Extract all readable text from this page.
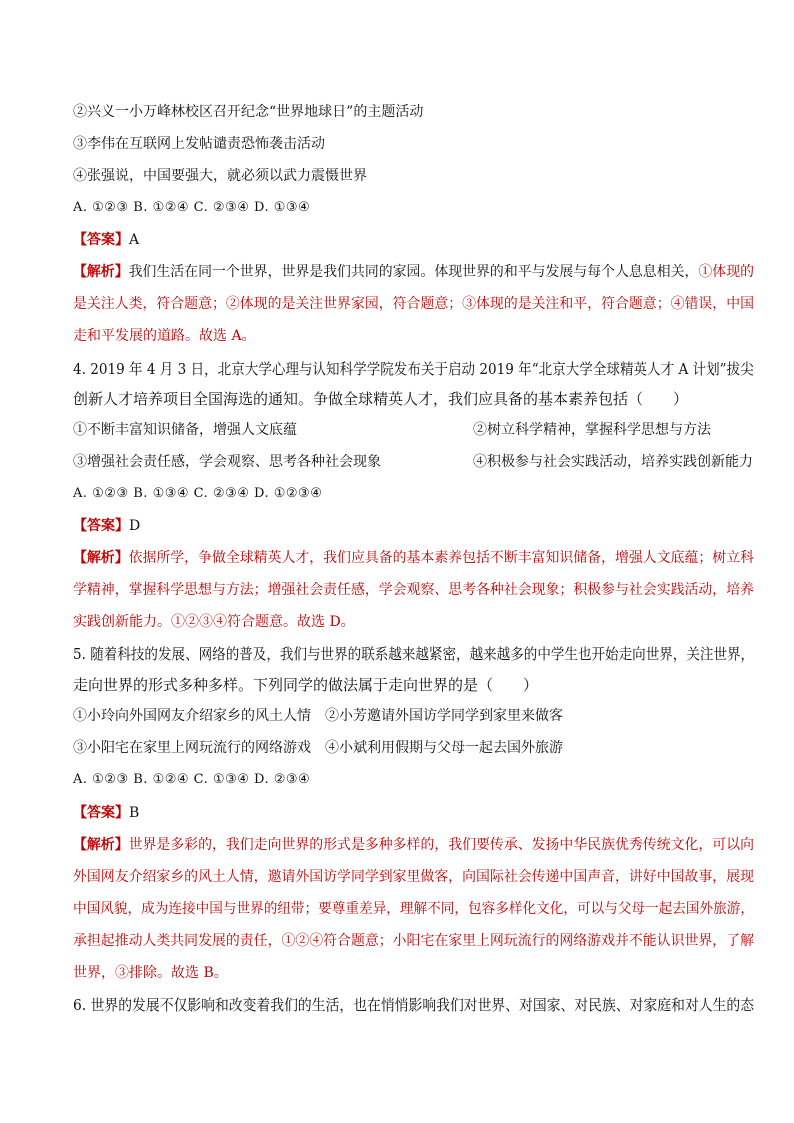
②兴义一小万峰林校区召开纪念“世界地球日”的主题活动
③李伟在互联网上发帖谴责恐怖袭击活动
④张强说，中国要强大，就必须以武力震慑世界
A. ①②③ B. ①②④ C. ②③④ D. ①③④
【答案】A
【解析】我们生活在同一个世界，世界是我们共同的家园。体现世界的和平与发展与每个人息息相关，①体现的
是关注人类，符合题意；②体现的是关注世界家园，符合题意；③体现的是关注和平，符合题意；④错误，中国
走和平发展的道路。故选 A。
4. 2019 年 4 月 3 日，北京大学心理与认知科学学院发布关于启动 2019 年“北京大学全球精英人才 A 计划”拔尖
创新人才培养项目全国海选的通知。争做全球精英人才，我们应具备的基本素养包括（　　）
①不断丰富知识储备，增强人文底蕴	②树立科学精神，掌握科学思想与方法
③增强社会责任感，学会观察、思考各种社会现象	④积极参与社会实践活动，培养实践创新能力
A. ①②③ B. ①③④ C. ②③④ D. ①②③④
【答案】D
【解析】依据所学，争做全球精英人才，我们应具备的基本素养包括不断丰富知识储备，增强人文底蕴；树立科
学精神，掌握科学思想与方法；增强社会责任感，学会观察、思考各种社会现象；积极参与社会实践活动，培养
实践创新能力。①②③④符合题意。故选 D。
5. 随着科技的发展、网络的普及，我们与世界的联系越来越紧密，越来越多的中学生也开始走向世界，关注世界，
走向世界的形式多种多样。下列同学的做法属于走向世界的是（　　）
①小玲向外国网友介绍家乡的风土人情　②小芳邀请外国访学同学到家里来做客
③小阳宅在家里上网玩流行的网络游戏　④小斌利用假期与父母一起去国外旅游
A. ①②③ B. ①②④ C. ①③④ D. ②③④
【答案】B
【解析】世界是多彩的，我们走向世界的形式是多种多样的，我们要传承、发扬中华民族优秀传统文化，可以向
外国网友介绍家乡的风土人情，邀请外国访学同学到家里做客，向国际社会传递中国声音，讲好中国故事，展现
中国风貌，成为连接中国与世界的纽带；要尊重差异，理解不同，包容多样化文化，可以与父母一起去国外旅游，
承担起推动人类共同发展的责任，①②④符合题意；小阳宅在家里上网玩流行的网络游戏并不能认识世界，了解
世界，③排除。故选 B。
6. 世界的发展不仅影响和改变着我们的生活，也在悄悄影响我们对世界、对国家、对民族、对家庭和对人生的态
